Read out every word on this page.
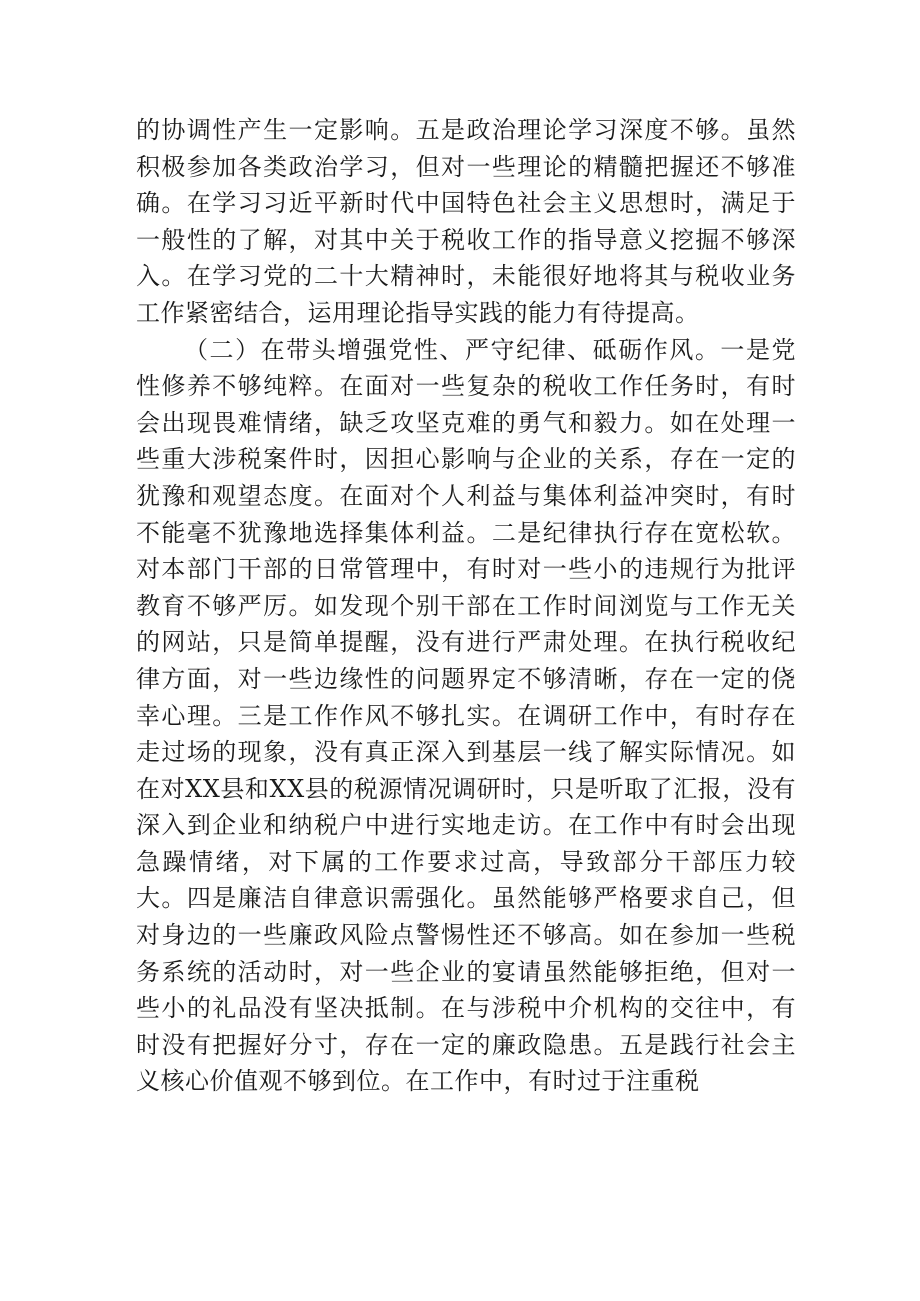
的协调性产生一定影响。五是政治理论学习深度不够。虽然积极参加各类政治学习，但对一些理论的精髓把握还不够准确。在学习习近平新时代中国特色社会主义思想时，满足于一般性的了解，对其中关于税收工作的指导意义挖掘不够深入。在学习党的二十大精神时，未能很好地将其与税收业务工作紧密结合，运用理论指导实践的能力有待提高。

（二）在带头增强党性、严守纪律、砥砺作风。一是党性修养不够纯粹。在面对一些复杂的税收工作任务时，有时会出现畏难情绪，缺乏攻坚克难的勇气和毅力。如在处理一些重大涉税案件时，因担心影响与企业的关系，存在一定的犹豫和观望态度。在面对个人利益与集体利益冲突时，有时不能毫不犹豫地选择集体利益。二是纪律执行存在宽松软。对本部门干部的日常管理中，有时对一些小的违规行为批评教育不够严厉。如发现个别干部在工作时间浏览与工作无关的网站，只是简单提醒，没有进行严肃处理。在执行税收纪律方面，对一些边缘性的问题界定不够清晰，存在一定的侥幸心理。三是工作作风不够扎实。在调研工作中，有时存在走过场的现象，没有真正深入到基层一线了解实际情况。如在对XX县和XX县的税源情况调研时，只是听取了汇报，没有深入到企业和纳税户中进行实地走访。在工作中有时会出现急躁情绪，对下属的工作要求过高，导致部分干部压力较大。四是廉洁自律意识需强化。虽然能够严格要求自己，但对身边的一些廉政风险点警惕性还不够高。如在参加一些税务系统的活动时，对一些企业的宴请虽然能够拒绝，但对一些小的礼品没有坚决抵制。在与涉税中介机构的交往中，有时没有把握好分寸，存在一定的廉政隐患。五是践行社会主义核心价值观不够到位。在工作中，有时过于注重税
